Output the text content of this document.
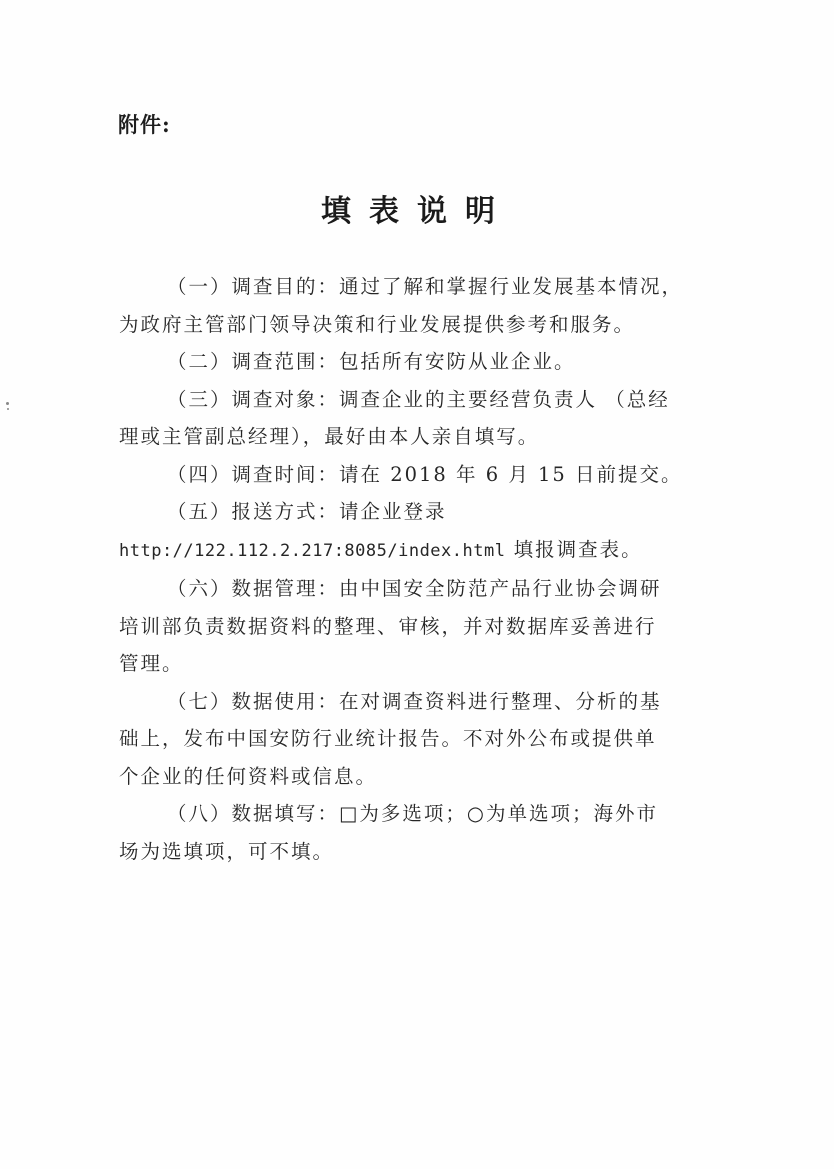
附件:
填表说明

（一）调查目的：通过了解和掌握行业发展基本情况，
为政府主管部门领导决策和行业发展提供参考和服务。

（二）调查范围：包括所有安防从业企业。

（三）调查对象：调查企业的主要经营负责人 （总经
理或主管副总经理），最好由本人亲自填写。

（四）调查时间：请在 2018 年 6 月 15 日前提交。

（五）报送方式：请企业登录
http://122.112.2.217:8085/index.html 填报调查表。

（六）数据管理：由中国安全防范产品行业协会调研
培训部负责数据资料的整理、审核，并对数据库妥善进行
管理。

（七）数据使用：在对调查资料进行整理、分析的基
础上，发布中国安防行业统计报告。不对外公布或提供单
个企业的任何资料或信息。

（八）数据填写：□为多选项；○为单选项；海外市
场为选填项，可不填。
